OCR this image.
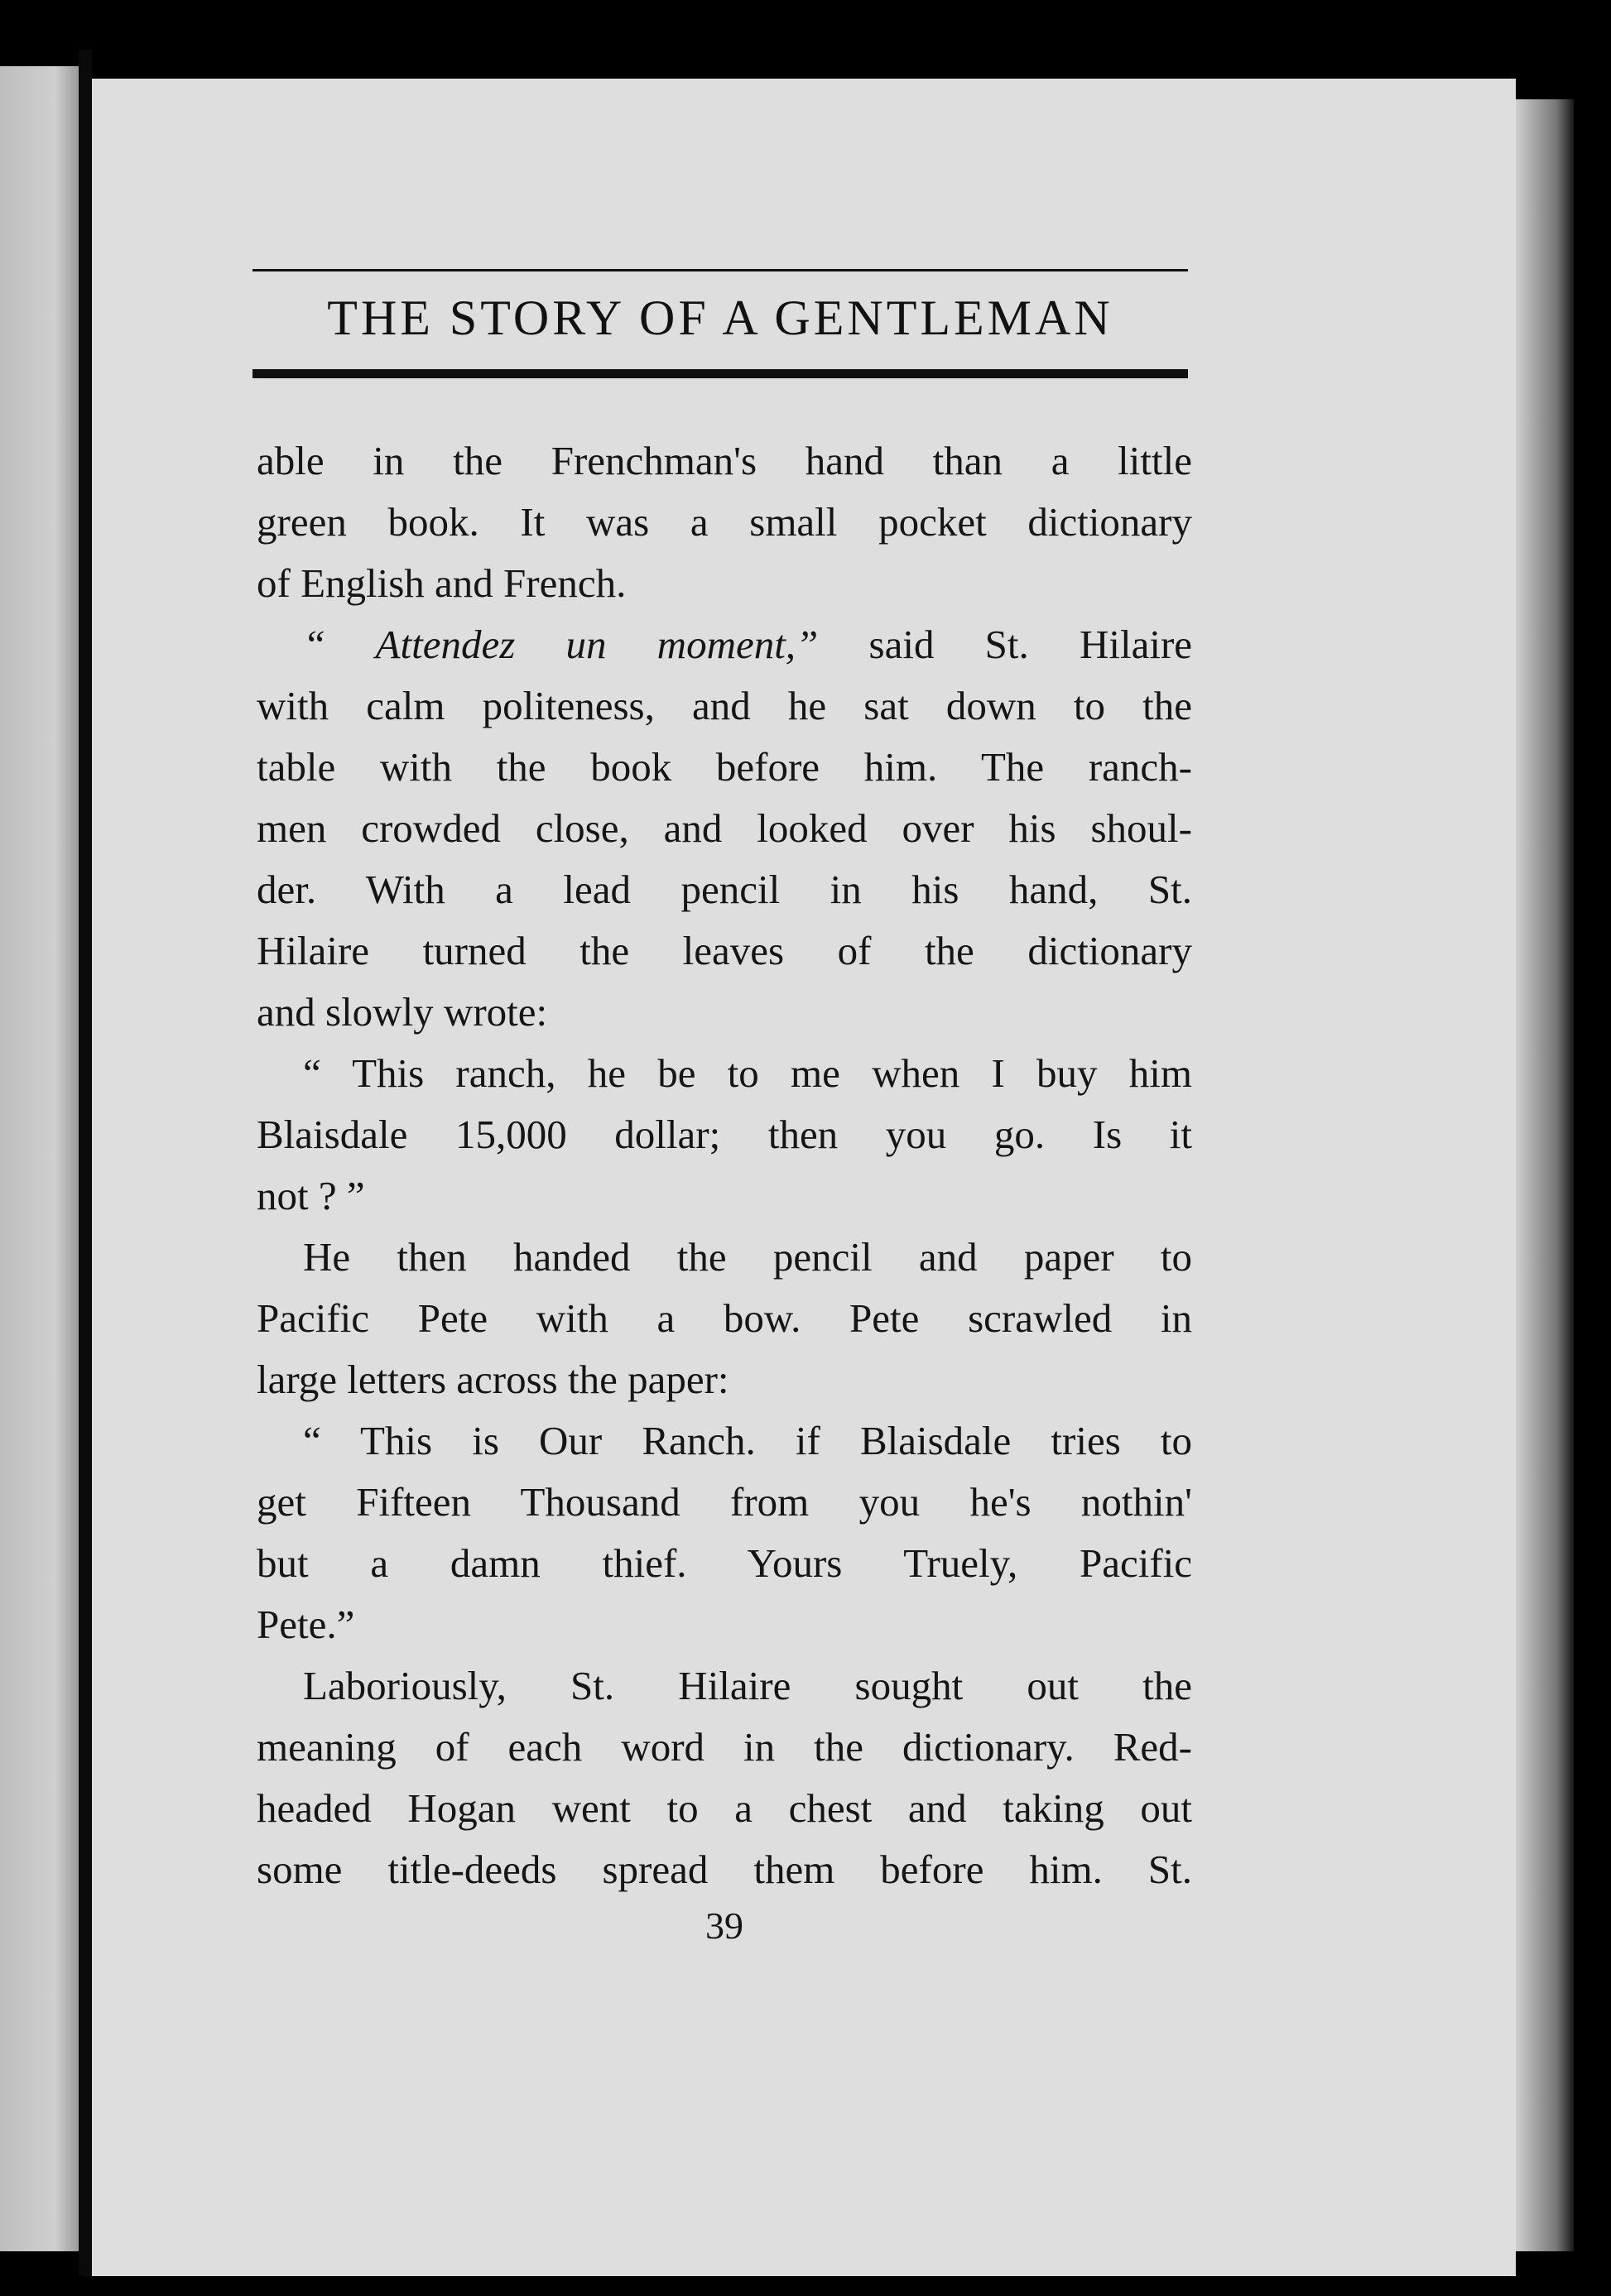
THE STORY OF A GENTLEMAN
able in the Frenchman's hand than a little
green book. It was a small pocket dictionary
of English and French.
“ Attendez un moment,” said St. Hilaire
with calm politeness, and he sat down to the
table with the book before him. The ranch-
men crowded close, and looked over his shoul-
der. With a lead pencil in his hand, St.
Hilaire turned the leaves of the dictionary
and slowly wrote:
“ This ranch, he be to me when I buy him
Blaisdale 15,000 dollar; then you go. Is it
not ? ”
He then handed the pencil and paper to
Pacific Pete with a bow. Pete scrawled in
large letters across the paper:
“ This is Our Ranch. if Blaisdale tries to
get Fifteen Thousand from you he's nothin'
but a damn thief. Yours Truely, Pacific
Pete.”
Laboriously, St. Hilaire sought out the
meaning of each word in the dictionary. Red-
headed Hogan went to a chest and taking out
some title-deeds spread them before him. St.
39
